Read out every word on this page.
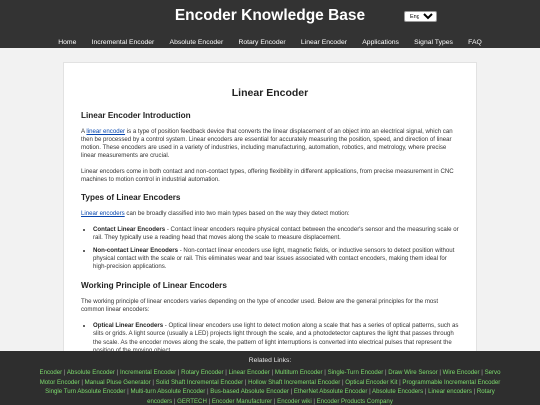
Encoder Knowledge Base
English
Home Incremental Encoder Absolute Encoder Rotary Encoder Linear Encoder Applications Signal Types FAQ
Linear Encoder
Linear Encoder Introduction

A linear encoder is a type of position feedback device that converts the linear displacement of an object into an electrical signal, which can then be processed by a control system. Linear encoders are essential for accurately measuring the position, speed, and direction of linear motion. These encoders are used in a variety of industries, including manufacturing, automation, robotics, and metrology, where precise linear measurements are crucial.

Linear encoders come in both contact and non-contact types, offering flexibility in different applications, from precise measurement in CNC machines to motion control in industrial automation.

Types of Linear Encoders

Linear encoders can be broadly classified into two main types based on the way they detect motion:

• Contact Linear Encoders - Contact linear encoders require physical contact between the encoder's sensor and the measuring scale or rail. They typically use a reading head that moves along the scale to measure displacement.
• Non-contact Linear Encoders - Non-contact linear encoders use light, magnetic fields, or inductive sensors to detect position without physical contact with the scale or rail. This eliminates wear and tear issues associated with contact encoders, making them ideal for high-precision applications.
Working Principle of Linear Encoders

The working principle of linear encoders varies depending on the type of encoder used. Below are the general principles for the most common linear encoders:

• Optical Linear Encoders - Optical linear encoders use light to detect motion along a scale that has a series of optical patterns, such as slits or grids. A light source (usually a LED) projects light through the scale, and a photodetector captures the light that passes through the scale. As the encoder moves along the scale, the pattern of light interruptions is converted into electrical pulses that represent the
•
Related Links:
Encoder | Absolute Encoder | Incremental Encoder | Rotary Encoder | Linear Encoder | Multiturn Encoder | Single-Turn Encoder | Draw Wire Sensor | Wire Encoder | Servo
Motor Encoder | Manual Pluse Generator | Solid Shaft Incremental Encoder | Hollow Shaft Incremental Encoder | Optical Encoder Kit | Programmable Incremental Encoder
Single Turn Absolute Encoder | Multi-turn Absolute Encoder | Bus-based Absolute Encoder | EtherNet Absolute Encoder | Absolute Encoders | Linear encoders | Rotary
encoders | GERTECH | Encoder Manufacturer | Encoder wiki | Encoder Products Company
